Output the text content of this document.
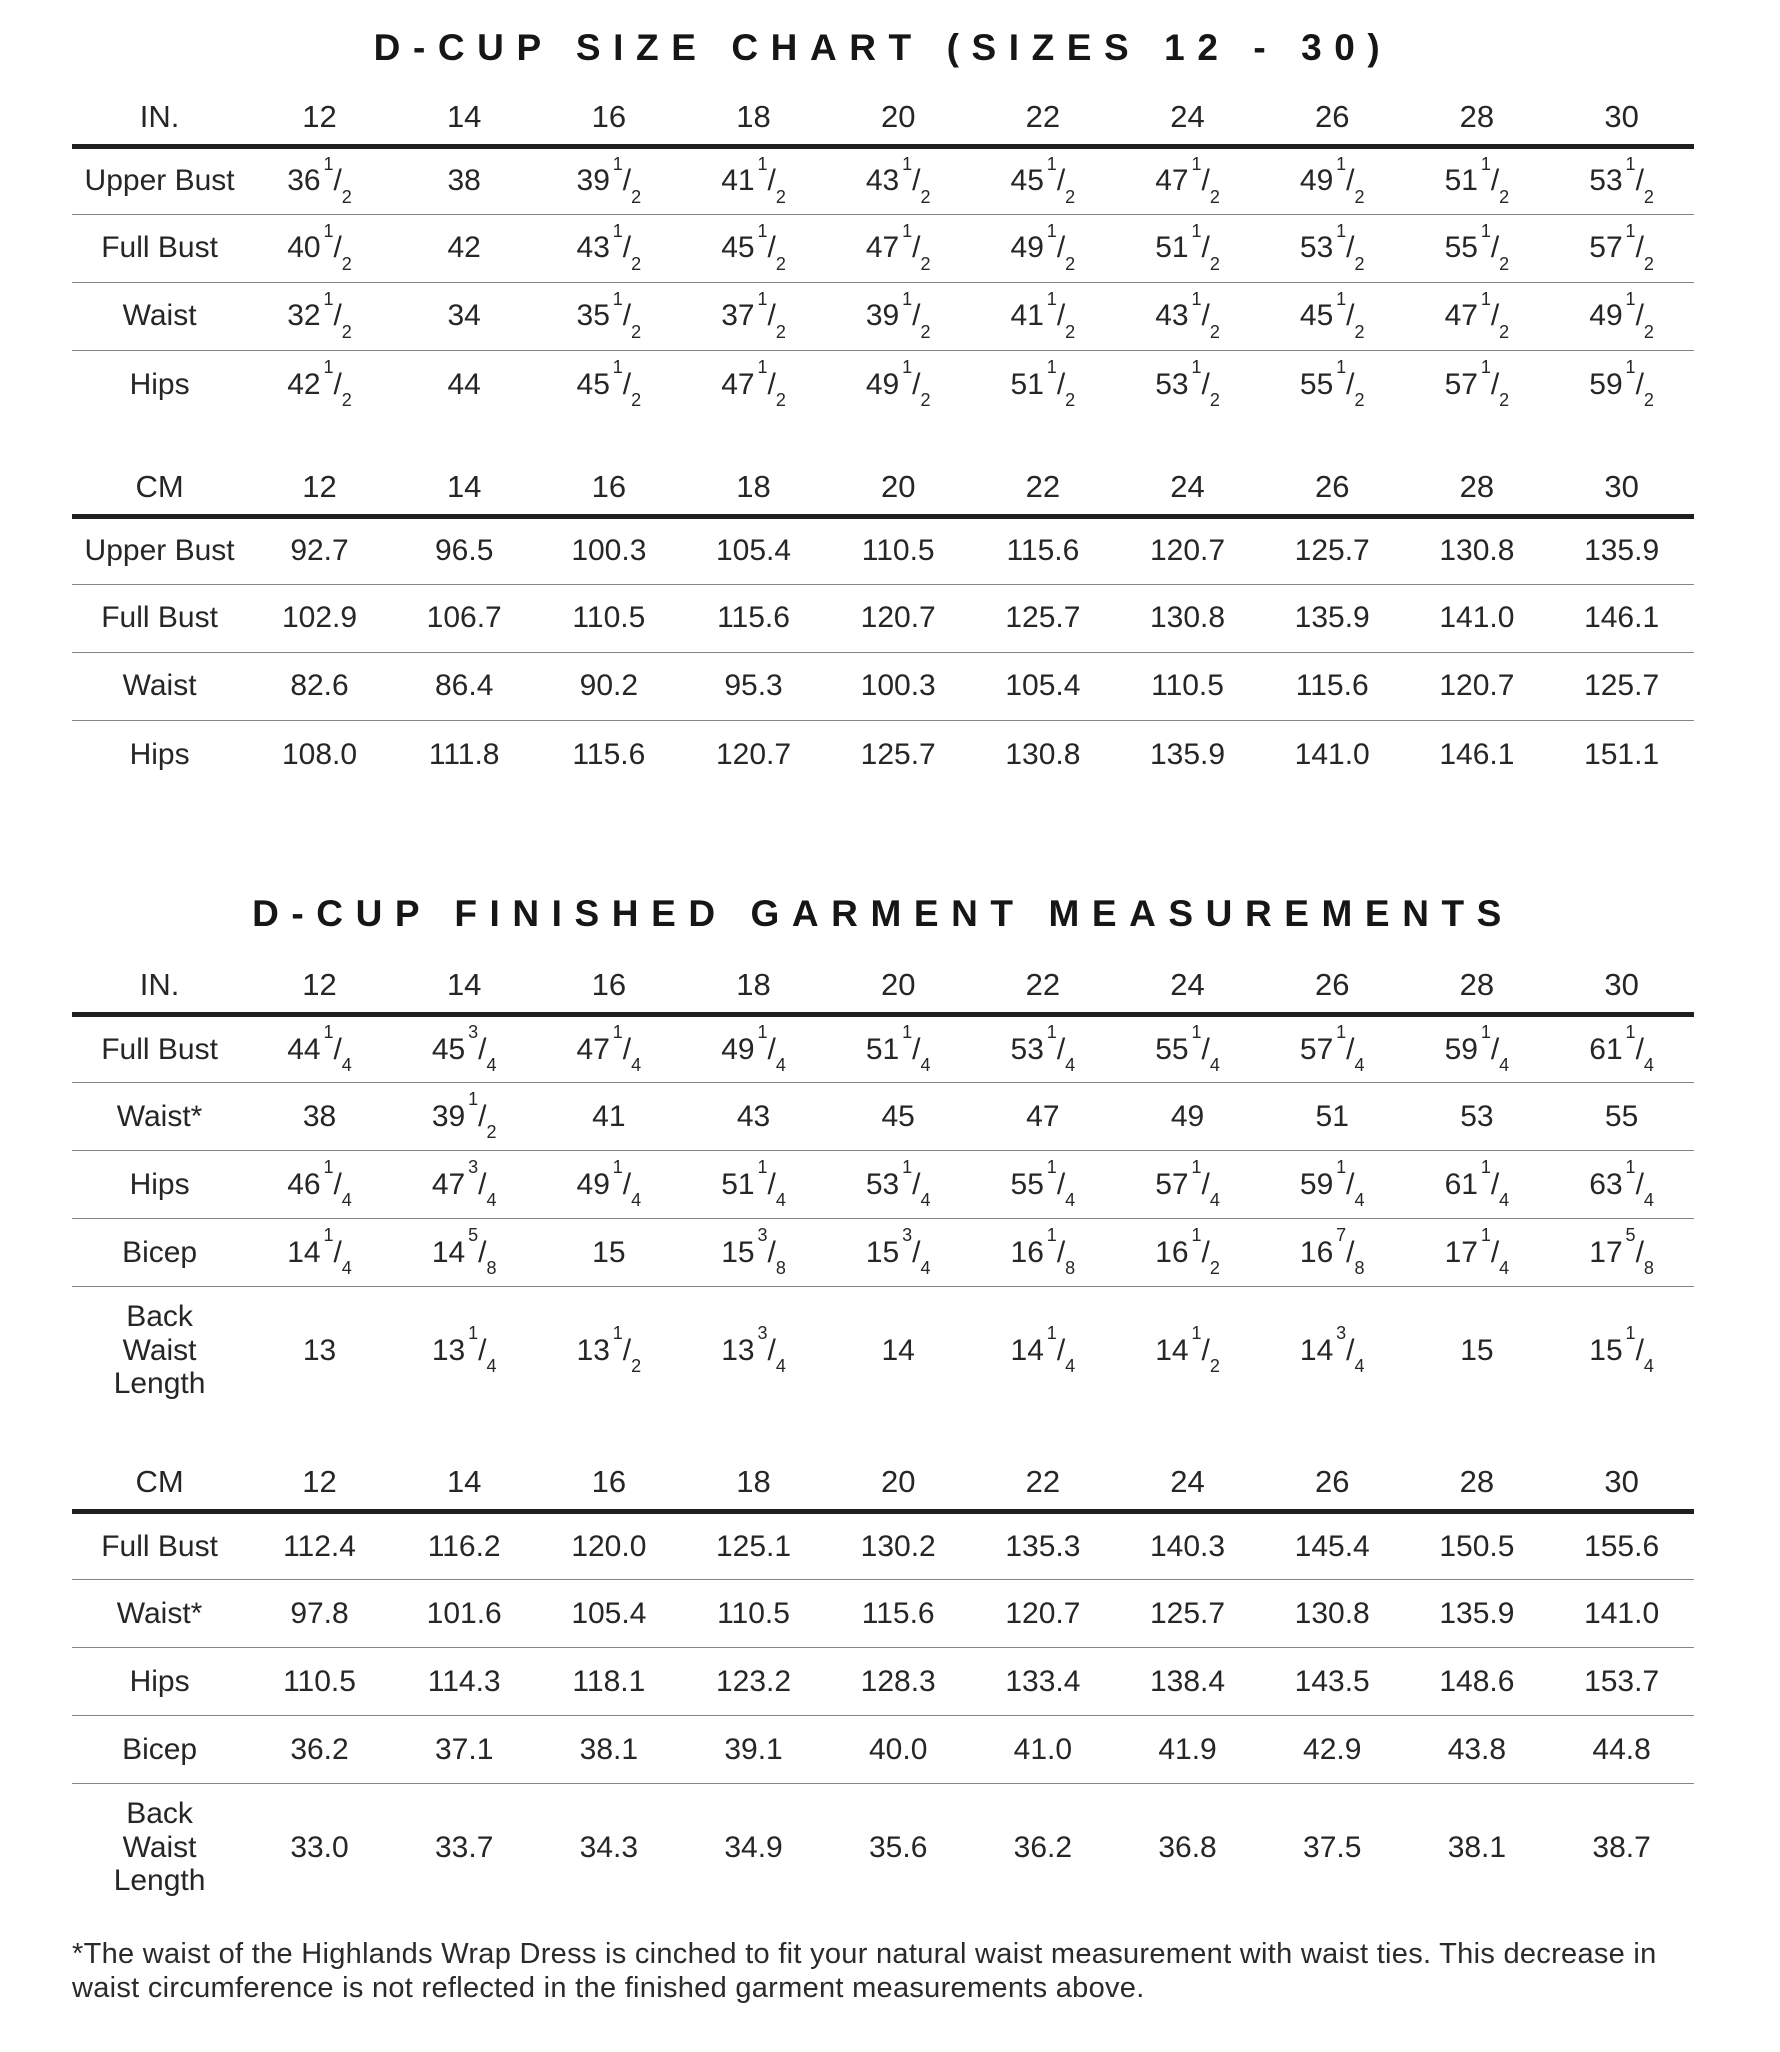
D-CUP SIZE CHART (SIZES 12 - 30)
IN.	12	14	16	18	20	22	24	26	28	30
Upper Bust	$36^1/_2$	38	$39^1/_2$	$41^1/_2$	$43^1/_2$	$45^1/_2$	$47^1/_2$	$49^1/_2$	$51^1/_2$	$53^1/_2$
Full Bust	$40^1/_2$	42	$43^1/_2$	$45^1/_2$	$47^1/_2$	$49^1/_2$	$51^1/_2$	$53^1/_2$	$55^1/_2$	$57^1/_2$
Waist	$32^1/_2$	34	$35^1/_2$	$37^1/_2$	$39^1/_2$	$41^1/_2$	$43^1/_2$	$45^1/_2$	$47^1/_2$	$49^1/_2$
Hips	$42^1/_2$	44	$45^1/_2$	$47^1/_2$	$49^1/_2$	$51^1/_2$	$53^1/_2$	$55^1/_2$	$57^1/_2$	$59^1/_2$
CM	12	14	16	18	20	22	24	26	28	30
Upper Bust	92.7	96.5	100.3	105.4	110.5	115.6	120.7	125.7	130.8	135.9
Full Bust	102.9	106.7	110.5	115.6	120.7	125.7	130.8	135.9	141.0	146.1
Waist	82.6	86.4	90.2	95.3	100.3	105.4	110.5	115.6	120.7	125.7
Hips	108.0	111.8	115.6	120.7	125.7	130.8	135.9	141.0	146.1	151.1
D-CUP FINISHED GARMENT MEASUREMENTS
IN.	12	14	16	18	20	22	24	26	28	30
Full Bust	$44^1/_4$	$45^3/_4$	$47^1/_4$	$49^1/_4$	$51^1/_4$	$53^1/_4$	$55^1/_4$	$57^1/_4$	$59^1/_4$	$61^1/_4$
Waist*	38	$39^1/_2$	41	43	45	47	49	51	53	55
Hips	$46^1/_4$	$47^3/_4$	$49^1/_4$	$51^1/_4$	$53^1/_4$	$55^1/_4$	$57^1/_4$	$59^1/_4$	$61^1/_4$	$63^1/_4$
Bicep	$14^1/_4$	$14^5/_8$	15	$15^3/_8$	$15^3/_4$	$16^1/_8$	$16^1/_2$	$16^7/_8$	$17^1/_4$	$17^5/_8$
Back Waist Length	13	$13^1/_4$	$13^1/_2$	$13^3/_4$	14	$14^1/_4$	$14^1/_2$	$14^3/_4$	15	$15^1/_4$
CM	12	14	16	18	20	22	24	26	28	30
Full Bust	112.4	116.2	120.0	125.1	130.2	135.3	140.3	145.4	150.5	155.6
Waist*	97.8	101.6	105.4	110.5	115.6	120.7	125.7	130.8	135.9	141.0
Hips	110.5	114.3	118.1	123.2	128.3	133.4	138.4	143.5	148.6	153.7
Bicep	36.2	37.1	38.1	39.1	40.0	41.0	41.9	42.9	43.8	44.8
Back Waist Length	33.0	33.7	34.3	34.9	35.6	36.2	36.8	37.5	38.1	38.7

*The waist of the Highlands Wrap Dress is cinched to fit your natural waist measurement with waist ties. This decrease in waist circumference is not reflected in the finished garment measurements above.
